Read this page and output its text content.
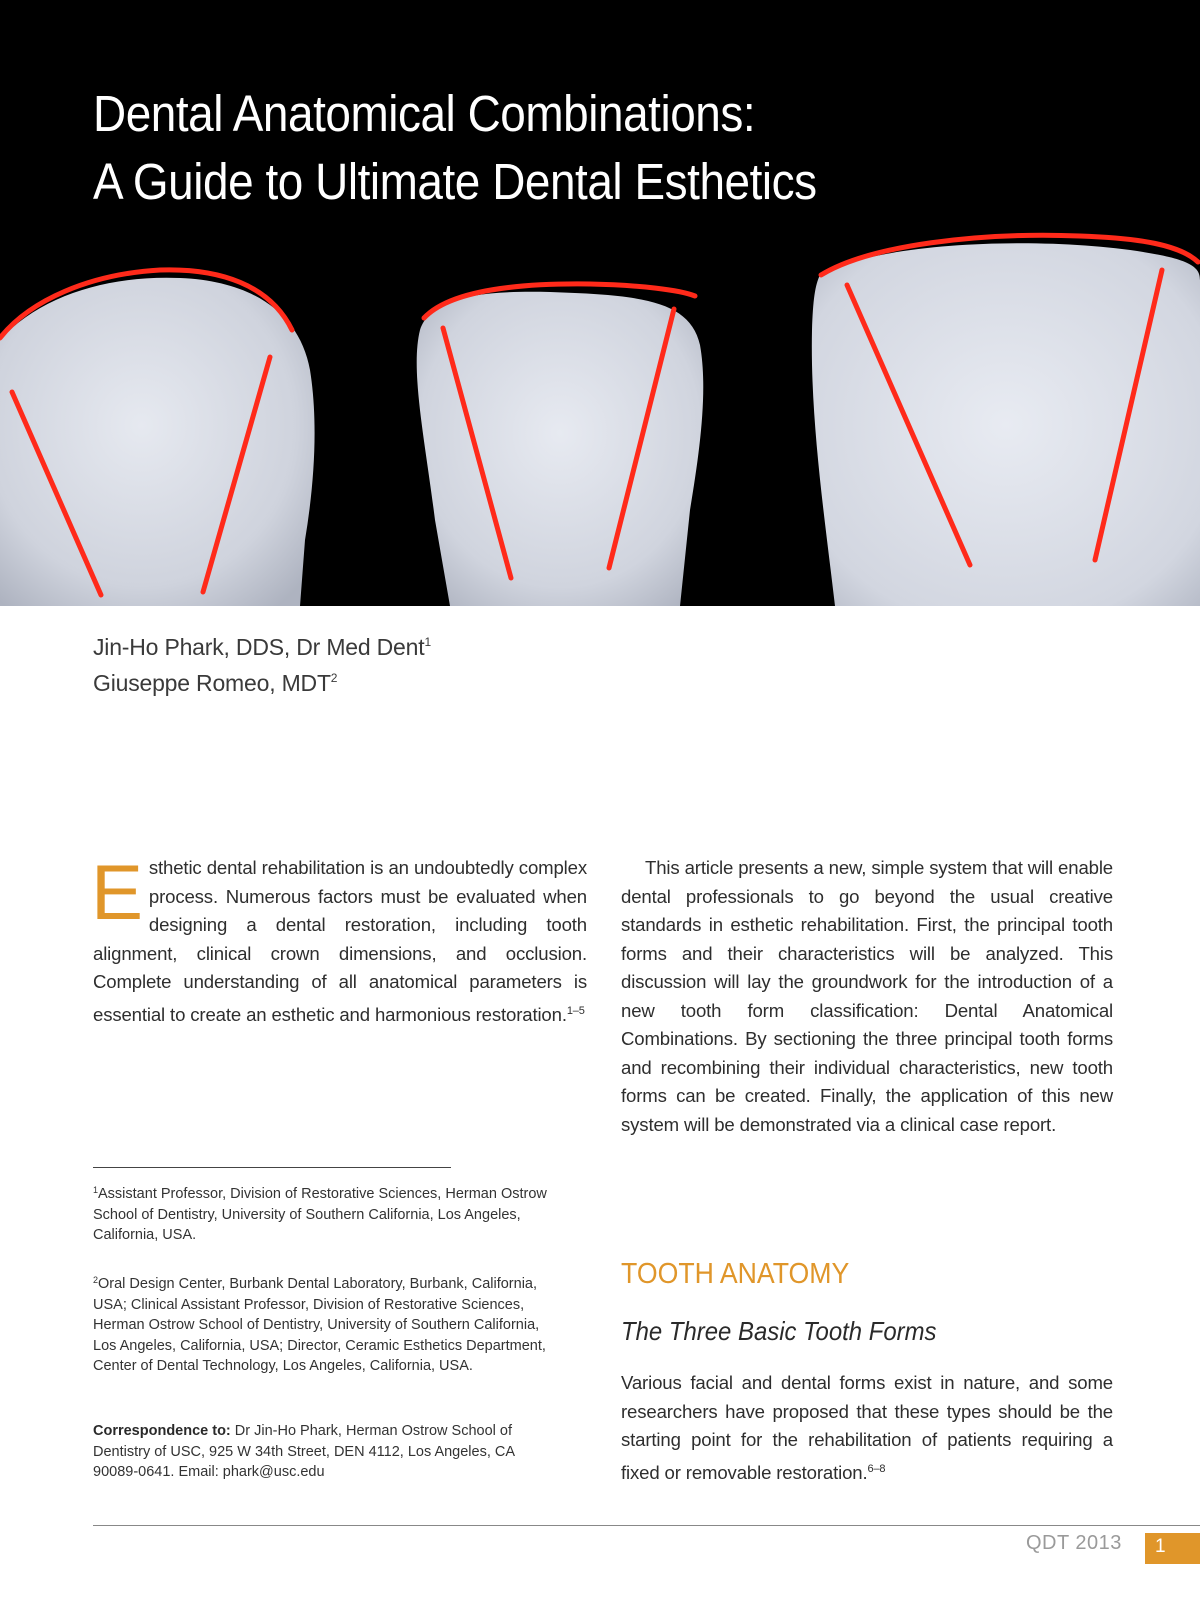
Dental Anatomical Combinations:
A Guide to Ultimate Dental Esthetics
Jin-Ho Phark, DDS, Dr Med Dent$^1$
Giuseppe Romeo, MDT$^2$
Esthetic dental rehabilitation is an undoubtedly complex process. Numerous factors must be evaluated when designing a dental restoration, including tooth alignment, clinical crown dimensions, and occlusion. Complete understanding of all anatomical parameters is essential to create an esthetic and harmonious restoration.$^{1-5}$

This article presents a new, simple system that will enable dental professionals to go beyond the usual creative standards in esthetic rehabilitation. First, the principal tooth forms and their characteristics will be analyzed. This discussion will lay the groundwork for the introduction of a new tooth form classification: Dental Anatomical Combinations. By sectioning the three principal tooth forms and recombining their individual characteristics, new tooth forms can be created. Finally, the application of this new system will be demonstrated via a clinical case report.

$^1$Assistant Professor, Division of Restorative Sciences, Herman Ostrow School of Dentistry, University of Southern California, Los Angeles, California, USA.
$^2$Oral Design Center, Burbank Dental Laboratory, Burbank, California, USA; Clinical Assistant Professor, Division of Restorative Sciences, Herman Ostrow School of Dentistry, University of Southern California, Los Angeles, California, USA; Director, Ceramic Esthetics Department, Center of Dental Technology, Los Angeles, California, USA.
Correspondence to: Dr Jin-Ho Phark, Herman Ostrow School of Dentistry of USC, 925 W 34th Street, DEN 4112, Los Angeles, CA 90089-0641. Email: phark@usc.edu
TOOTH ANATOMY
The Three Basic Tooth Forms
Various facial and dental forms exist in nature, and some researchers have proposed that these types should be the starting point for the rehabilitation of patients requiring a fixed or removable restoration.$^{6-8}$
QDT 2013 1
